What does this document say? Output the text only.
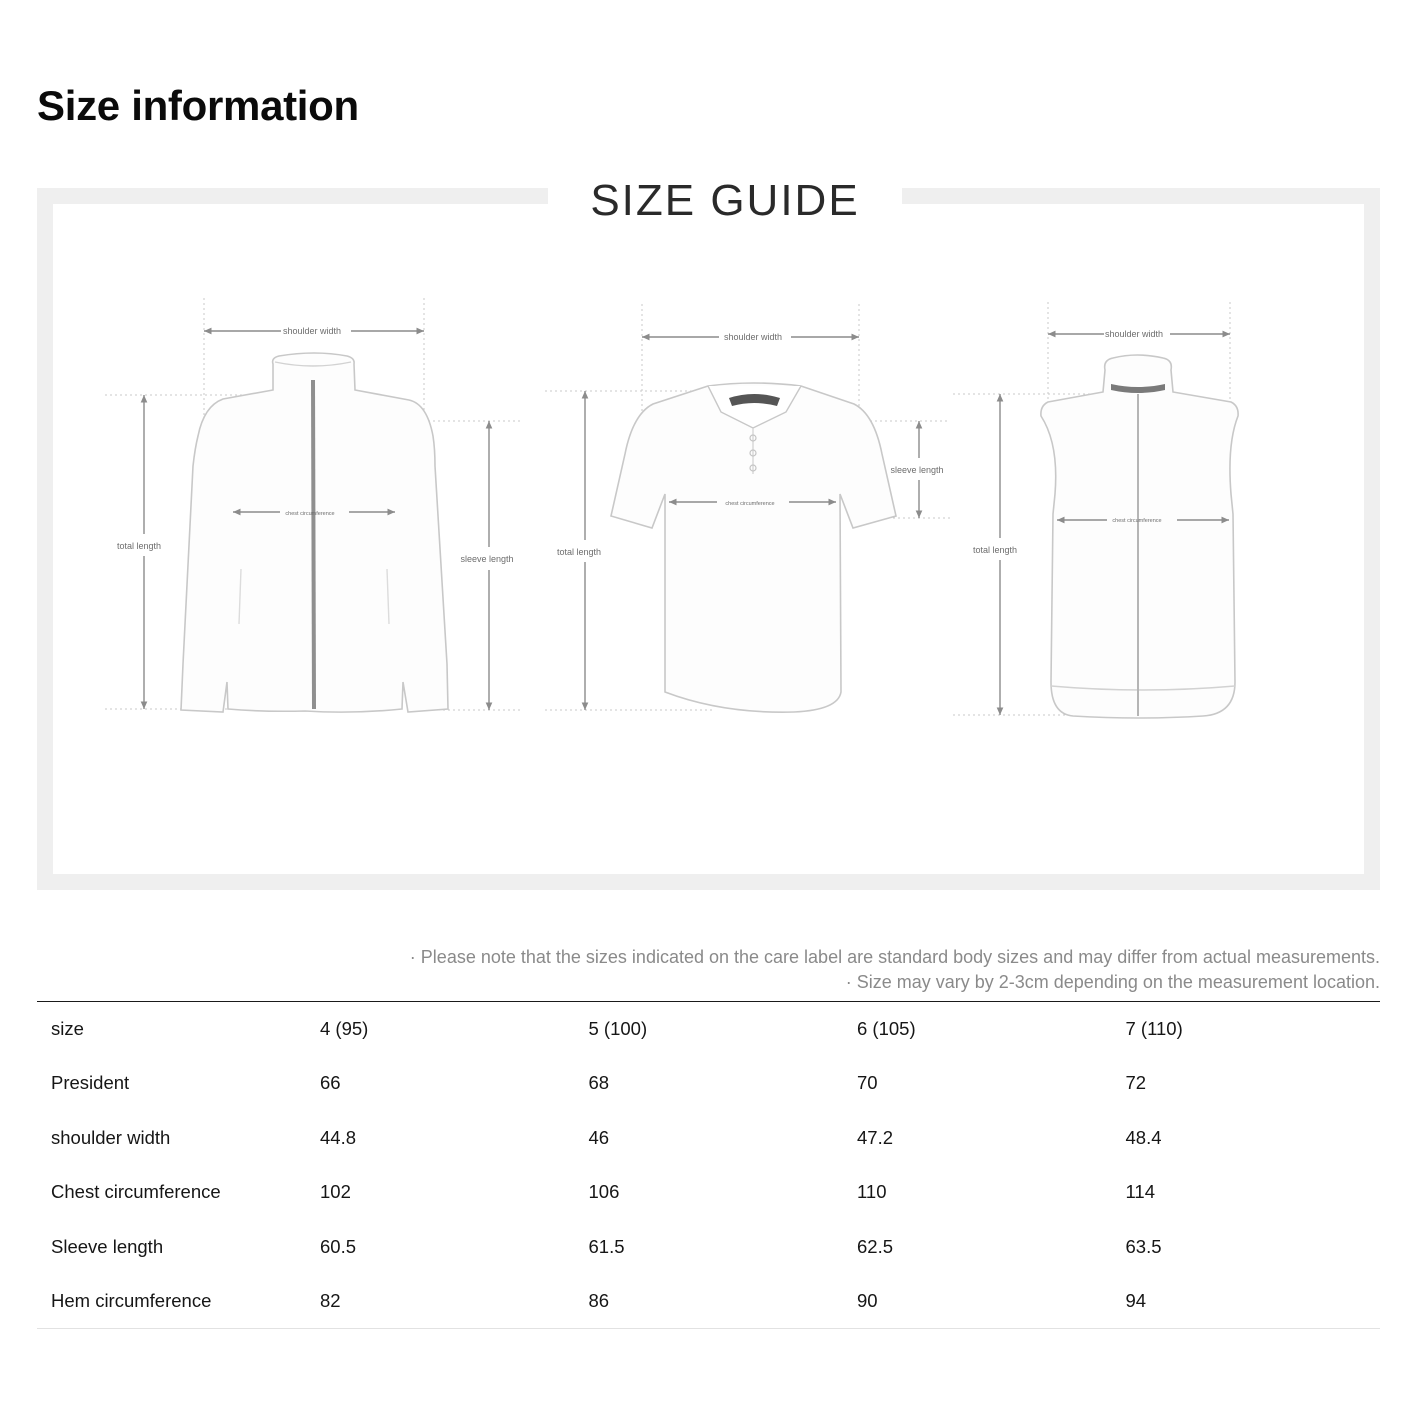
Size information
SIZE GUIDE
shoulder width
total length
chest circumference
sleeve length
shoulder width
total length
chest circumference
sleeve length
shoulder width
total length
chest circumference
· Please note that the sizes indicated on the care label are standard body sizes and may differ from actual measurements.
· Size may vary by 2-3cm depending on the measurement location.
size	4 (95)	5 (100)	6 (105)	7 (110)
President	66	68	70	72
shoulder width	44.8	46	47.2	48.4
Chest circumference	102	106	110	114
Sleeve length	60.5	61.5	62.5	63.5
Hem circumference	82	86	90	94
